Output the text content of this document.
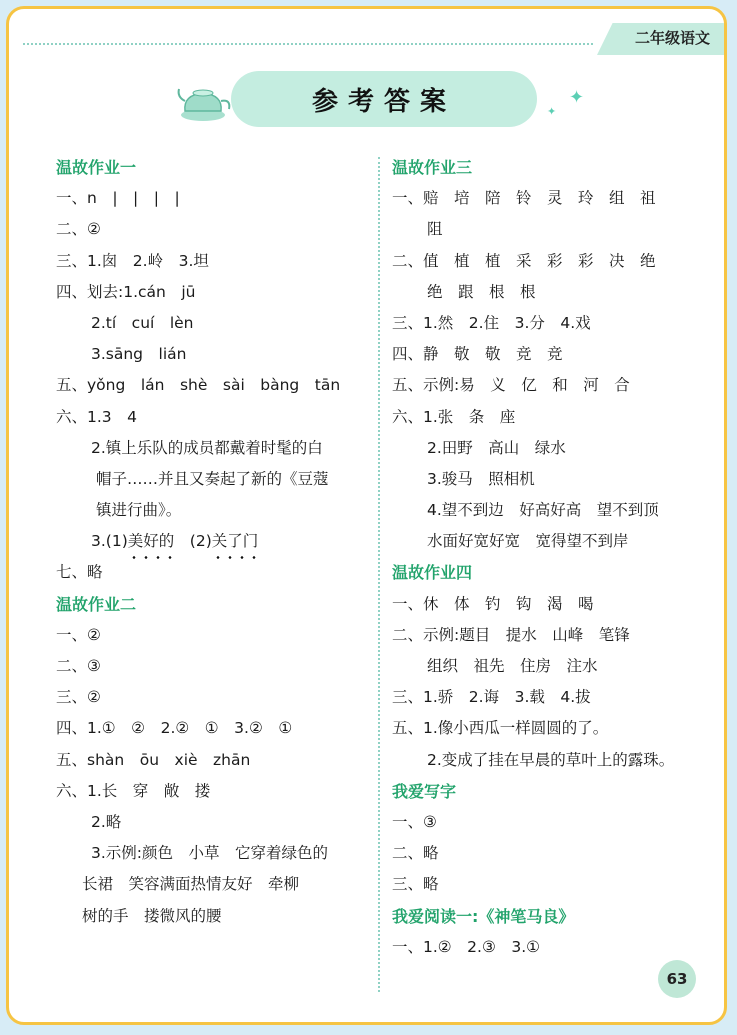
二年级语文
参考答案	✦
✦
温故作业一
一、n　|　|　|　|
二、②
三、1.囱　2.岭　3.坦
四、划去:1.cán　jū
2.tí　cuí　lèn
3.sāng　lián
五、yǒng　lán　shè　sài　bàng　tān
六、1.3　4
2.镇上乐队的成员都戴着时髦的白
帽子……并且又奏起了新的《豆蔻
镇进行曲》。
3.(1)美好的　(2)关了门
七、略
温故作业二
一、②
二、③
三、②
四、1.①　②　2.②　①　3.②　①
五、shàn　ōu　xiè　zhān
六、1.长　穿　敞　搂
2.略
3.示例:颜色　小草　它穿着绿色的
长裙　笑容满面热情友好　牵柳
树的手　搂微风的腰
温故作业三
一、赔　培　陪　铃　灵　玲　组　祖
阻
二、值　植　植　采　彩　彩　决　绝
绝　跟　根　根
三、1.然　2.住　3.分　4.戏
四、静　敬　敬　竞　竞
五、示例:易　义　亿　和　河　合
六、1.张　条　座
2.田野　高山　绿水
3.骏马　照相机
4.望不到边　好高好高　望不到顶
水面好宽好宽　宽得望不到岸
温故作业四
一、休　体　钓　钩　渴　喝
二、示例:题目　提水　山峰　笔锋
组织　祖先　住房　注水
三、1.骄　2.诲　3.载　4.拔
五、1.像小西瓜一样圆圆的了。
2.变成了挂在早晨的草叶上的露珠。
我爱写字
一、③
二、略
三、略
我爱阅读一:《神笔马良》
一、1.②　2.③　3.①
63
